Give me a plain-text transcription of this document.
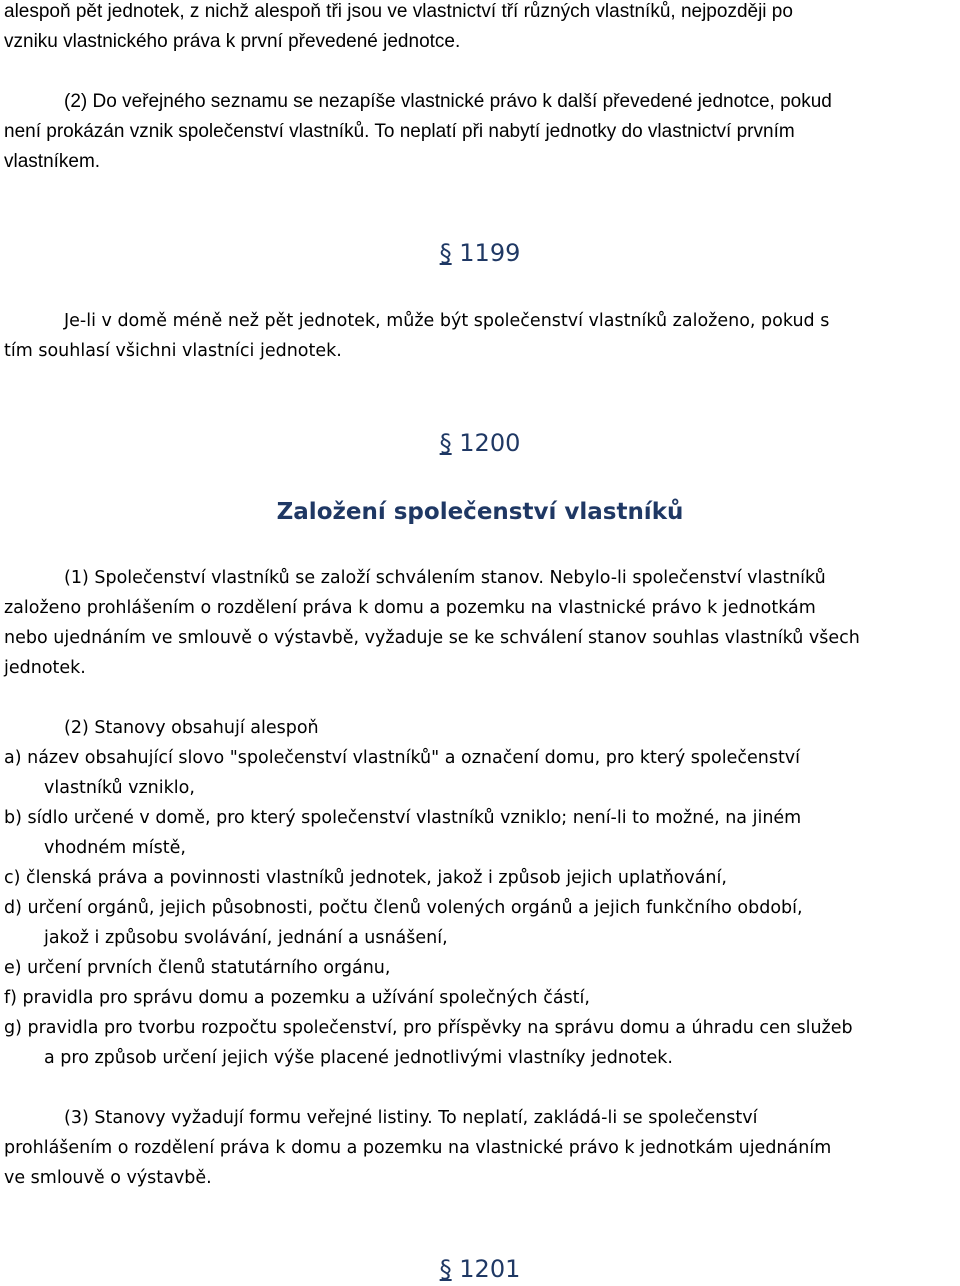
alespoň pět jednotek, z nichž alespoň tři jsou ve vlastnictví tří různých vlastníků, nejpozději po
vzniku vlastnického práva k první převedené jednotce.
(2) Do veřejného seznamu se nezapíše vlastnické právo k další převedené jednotce, pokud
není prokázán vznik společenství vlastníků. To neplatí při nabytí jednotky do vlastnictví prvním
vlastníkem.
§ 1199
Je-li v domě méně než pět jednotek, může být společenství vlastníků založeno, pokud s
tím souhlasí všichni vlastníci jednotek.
§ 1200
Založení společenství vlastníků
(1) Společenství vlastníků se založí schválením stanov. Nebylo-li společenství vlastníků
založeno prohlášením o rozdělení práva k domu a pozemku na vlastnické právo k jednotkám
nebo ujednáním ve smlouvě o výstavbě, vyžaduje se ke schválení stanov souhlas vlastníků všech
jednotek.
(2) Stanovy obsahují alespoň
a) název obsahující slovo "společenství vlastníků" a označení domu, pro který společenství
vlastníků vzniklo,
b) sídlo určené v domě, pro který společenství vlastníků vzniklo; není-li to možné, na jiném
vhodném místě,
c) členská práva a povinnosti vlastníků jednotek, jakož i způsob jejich uplatňování,
d) určení orgánů, jejich působnosti, počtu členů volených orgánů a jejich funkčního období,
jakož i způsobu svolávání, jednání a usnášení,
e) určení prvních členů statutárního orgánu,
f) pravidla pro správu domu a pozemku a užívání společných částí,
g) pravidla pro tvorbu rozpočtu společenství, pro příspěvky na správu domu a úhradu cen služeb
a pro způsob určení jejich výše placené jednotlivými vlastníky jednotek.
(3) Stanovy vyžadují formu veřejné listiny. To neplatí, zakládá-li se společenství
prohlášením o rozdělení práva k domu a pozemku na vlastnické právo k jednotkám ujednáním
ve smlouvě o výstavbě.
§ 1201
